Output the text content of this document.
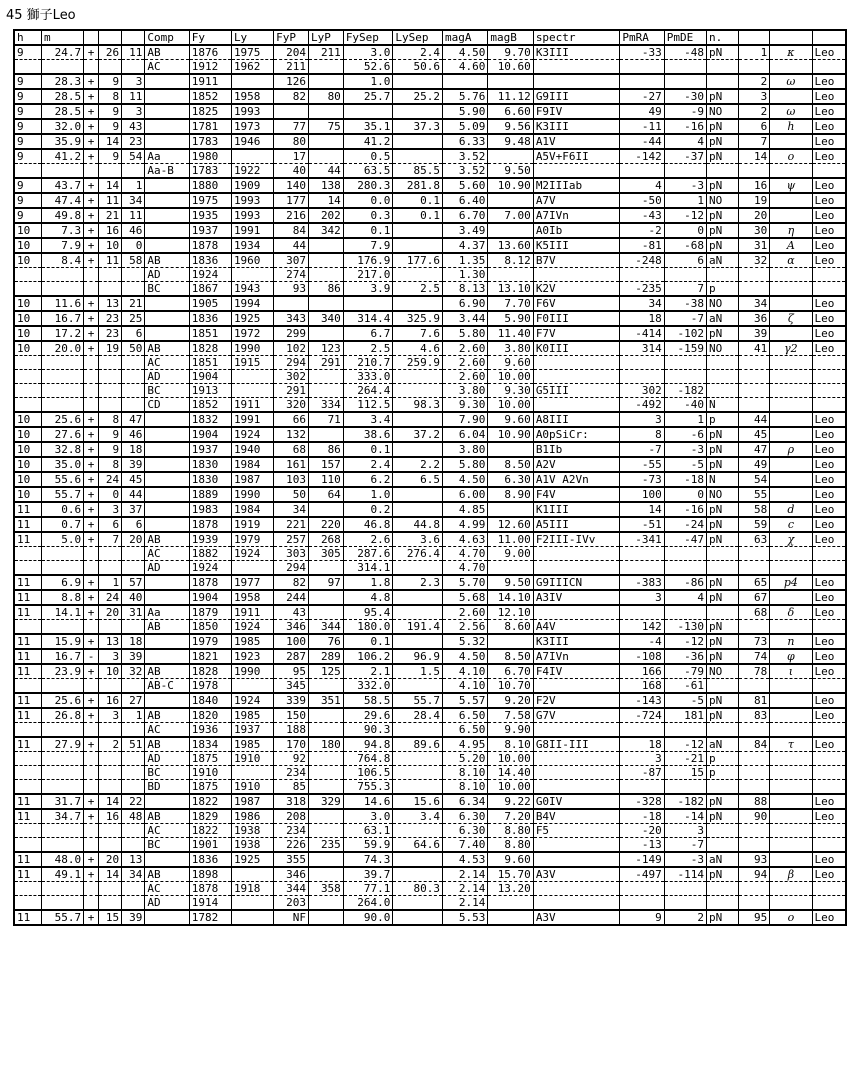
45 獅子Leo
h	m				Comp	Fy	Ly	FyP	LyP	FySep	LySep	magA	magB	spectr	PmRA	PmDE	n.			
9	24.7	+	26	11	AB	1876	1975	204	211	3.0	2.4	4.50	9.70	K3III	-33	-48	pN	1	κ	Leo
					AC	1912	1962	211		52.6	50.6	4.60	10.60							
9	28.3	+	9	3		1911		126		1.0								2	ω	Leo
9	28.5	+	8	11		1852	1958	82	80	25.7	25.2	5.76	11.12	G9III	-27	-30	pN	3		Leo
9	28.5	+	9	3		1825	1993					5.90	6.60	F9IV	49	-9	NO	2	ω	Leo
9	32.0	+	9	43		1781	1973	77	75	35.1	37.3	5.09	9.56	K3III	-11	-16	pN	6	h	Leo
9	35.9	+	14	23		1783	1946	80		41.2		6.33	9.48	A1V	-44	4	pN	7		Leo
9	41.2	+	9	54	Aa	1980		17		0.5		3.52		A5V+F6II	-142	-37	pN	14	ο	Leo
					Aa-B	1783	1922	40	44	63.5	85.5	3.52	9.50							
9	43.7	+	14	1		1880	1909	140	138	280.3	281.8	5.60	10.90	M2IIIab	4	-3	pN	16	ψ	Leo
9	47.4	+	11	34		1975	1993	177	14	0.0	0.1	6.40		A7V	-50	1	NO	19		Leo
9	49.8	+	21	11		1935	1993	216	202	0.3	0.1	6.70	7.00	A7IVn	-43	-12	pN	20		Leo
10	7.3	+	16	46		1937	1991	84	342	0.1		3.49		A0Ib	-2	0	pN	30	η	Leo
10	7.9	+	10	0		1878	1934	44		7.9		4.37	13.60	K5III	-81	-68	pN	31	A	Leo
10	8.4	+	11	58	AB	1836	1960	307		176.9	177.6	1.35	8.12	B7V	-248	6	aN	32	α	Leo
					AD	1924		274		217.0		1.30								
					BC	1867	1943	93	86	3.9	2.5	8.13	13.10	K2V	-235	7	p			
10	11.6	+	13	21		1905	1994					6.90	7.70	F6V	34	-38	NO	34		Leo
10	16.7	+	23	25		1836	1925	343	340	314.4	325.9	3.44	5.90	F0III	18	-7	aN	36	ζ	Leo
10	17.2	+	23	6		1851	1972	299		6.7	7.6	5.80	11.40	F7V	-414	-102	pN	39		Leo
10	20.0	+	19	50	AB	1828	1990	102	123	2.5	4.6	2.60	3.80	K0III	314	-159	NO	41	γ2	Leo
					AC	1851	1915	294	291	210.7	259.9	2.60	9.60							
					AD	1904		302		333.0		2.60	10.00							
					BC	1913		291		264.4		3.80	9.30	G5III	302	-182				
					CD	1852	1911	320	334	112.5	98.3	9.30	10.00		-492	-40	N			
10	25.6	+	8	47		1832	1991	66	71	3.4		7.90	9.60	A8III	3	1	p	44		Leo
10	27.6	+	9	46		1904	1924	132		38.6	37.2	6.04	10.90	A0pSiCr:	8	-6	pN	45		Leo
10	32.8	+	9	18		1937	1940	68	86	0.1		3.80		B1Ib	-7	-3	pN	47	ρ	Leo
10	35.0	+	8	39		1830	1984	161	157	2.4	2.2	5.80	8.50	A2V	-55	-5	pN	49		Leo
10	55.6	+	24	45		1830	1987	103	110	6.2	6.5	4.50	6.30	A1V A2Vn	-73	-18	N	54		Leo
10	55.7	+	0	44		1889	1990	50	64	1.0		6.00	8.90	F4V	100	0	NO	55		Leo
11	0.6	+	3	37		1983	1984	34		0.2		4.85		K1III	14	-16	pN	58	d	Leo
11	0.7	+	6	6		1878	1919	221	220	46.8	44.8	4.99	12.60	A5III	-51	-24	pN	59	c	Leo
11	5.0	+	7	20	AB	1939	1979	257	268	2.6	3.6	4.63	11.00	F2III-IVv	-341	-47	pN	63	χ	Leo
					AC	1882	1924	303	305	287.6	276.4	4.70	9.00							
					AD	1924		294		314.1		4.70								
11	6.9	+	1	57		1878	1977	82	97	1.8	2.3	5.70	9.50	G9IIICN	-383	-86	pN	65	p4	Leo
11	8.8	+	24	40		1904	1958	244		4.8		5.68	14.10	A3IV	3	4	pN	67		Leo
11	14.1	+	20	31	Aa	1879	1911	43		95.4		2.60	12.10					68	δ	Leo
					AB	1850	1924	346	344	180.0	191.4	2.56	8.60	A4V	142	-130	pN			
11	15.9	+	13	18		1979	1985	100	76	0.1		5.32		K3III	-4	-12	pN	73	n	Leo
11	16.7	-	3	39		1821	1923	287	289	106.2	96.9	4.50	8.50	A7IVn	-108	-36	pN	74	φ	Leo
11	23.9	+	10	32	AB	1828	1990	95	125	2.1	1.5	4.10	6.70	F4IV	166	-79	NO	78	ι	Leo
					AB-C	1978		345		332.0		4.10	10.70		168	-61				
11	25.6	+	16	27		1840	1924	339	351	58.5	55.7	5.57	9.20	F2V	-143	-5	pN	81		Leo
11	26.8	+	3	1	AB	1820	1985	150		29.6	28.4	6.50	7.58	G7V	-724	181	pN	83		Leo
					AC	1936	1937	188		90.3		6.50	9.90							
11	27.9	+	2	51	AB	1834	1985	170	180	94.8	89.6	4.95	8.10	G8II-III	18	-12	aN	84	τ	Leo
					AD	1875	1910	92		764.8		5.20	10.00		3	-21	p			
					BC	1910		234		106.5		8.10	14.40		-87	15	p			
					BD	1875	1910	85		755.3		8.10	10.00							
11	31.7	+	14	22		1822	1987	318	329	14.6	15.6	6.34	9.22	G0IV	-328	-182	pN	88		Leo
11	34.7	+	16	48	AB	1829	1986	208		3.0	3.4	6.30	7.20	B4V	-18	-14	pN	90		Leo
					AC	1822	1938	234		63.1		6.30	8.80	F5	-20	3				
					BC	1901	1938	226	235	59.9	64.6	7.40	8.80		-13	-7				
11	48.0	+	20	13		1836	1925	355		74.3		4.53	9.60		-149	-3	aN	93		Leo
11	49.1	+	14	34	AB	1898		346		39.7		2.14	15.70	A3V	-497	-114	pN	94	β	Leo
					AC	1878	1918	344	358	77.1	80.3	2.14	13.20							
					AD	1914		203		264.0		2.14								
11	55.7	+	15	39		1782		NF		90.0		5.53		A3V	9	2	pN	95	o	Leo
